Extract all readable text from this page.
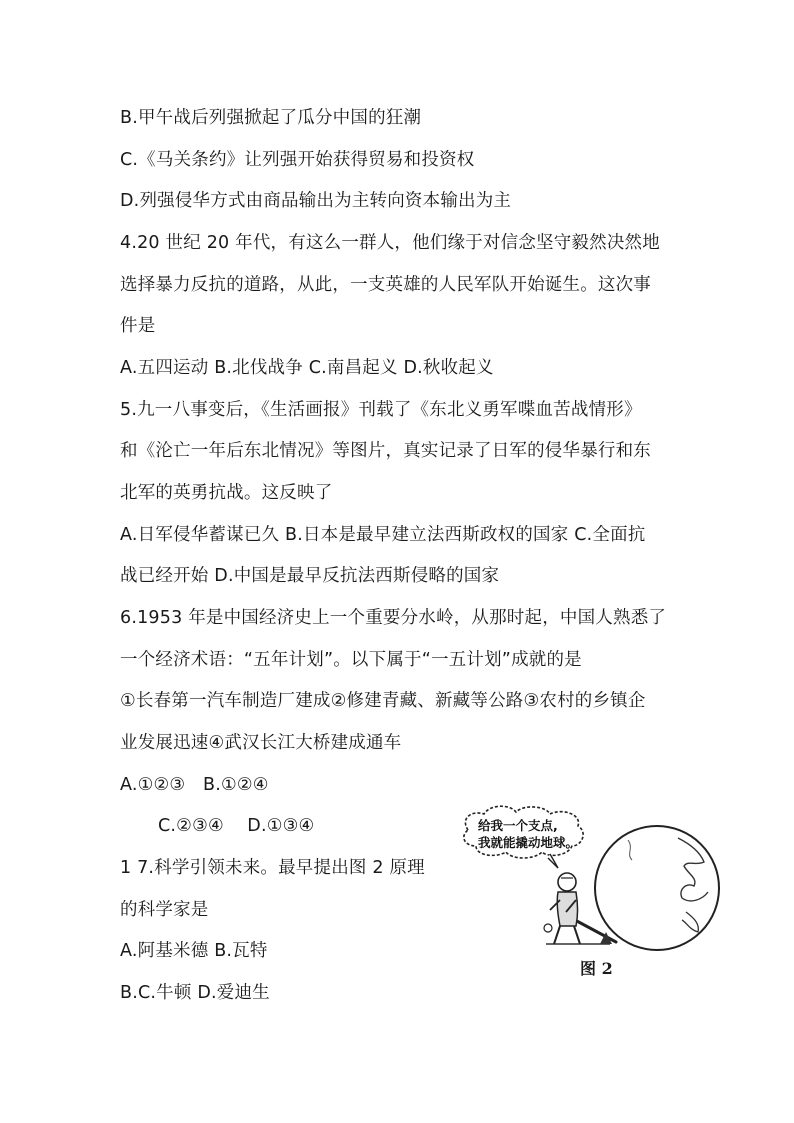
B.甲午战后列强掀起了瓜分中国的狂潮
C.《马关条约》让列强开始获得贸易和投资权
D.列强侵华方式由商品输出为主转向资本输出为主
4.20 世纪 20 年代，有这么一群人，他们缘于对信念坚守毅然决然地
选择暴力反抗的道路，从此，一支英雄的人民军队开始诞生。这次事
件是
A.五四运动 B.北伐战争 C.南昌起义 D.秋收起义
5.九一八事变后，《生活画报》刊载了《东北义勇军喋血苦战情形》
和《沦亡一年后东北情况》等图片，真实记录了日军的侵华暴行和东
北军的英勇抗战。这反映了
A.日军侵华蓄谋已久 B.日本是最早建立法西斯政权的国家 C.全面抗
战已经开始 D.中国是最早反抗法西斯侵略的国家
6.1953 年是中国经济史上一个重要分水岭，从那时起，中国人熟悉了
一个经济术语：“五年计划”。以下属于“一五计划”成就的是
①长春第一汽车制造厂建成②修建青藏、新藏等公路③农村的乡镇企
业发展迅速④武汉长江大桥建成通车
A.①②③　B.①②④
C.②③④　 D.①③④
1 7.科学引领未来。最早提出图 2 原理
的科学家是
A.阿基米德 B.瓦特
B.C.牛顿 D.爱迪生
给我一个支点,
我就能撬动地球。
图 2
